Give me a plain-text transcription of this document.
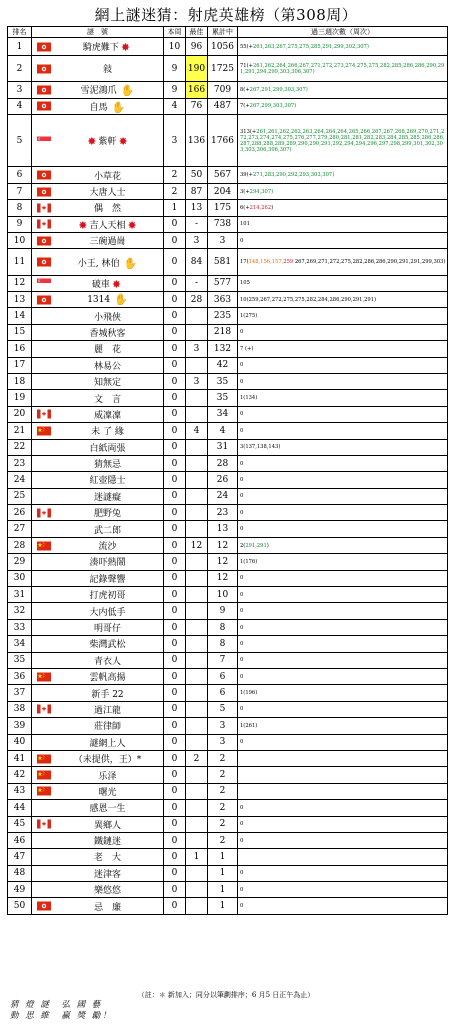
網上謎迷猜：射虎英雄榜（第308周）
排名	謎　號	本周	最佳	累計中	過三週次數（周次）
1	騎虎難下 ✸	10	96	1056	55(+261,263,267,275,275,285,291,299,302,307)
2	敍	9	190	1725	71(+261,262,264,266,267,271,272,273,274,275,275,282,285,286,286,290,291,291,294,299,303,306,307)
3	雪泥鴻爪 ✋	9	166	709	8(+267,291,299,303,307)
4	自馬 ✋	4	76	487	7(+267,299,303,307)
5	✸ 紫軒 ✸	3	136	1766	313(+261,261,262,262,263,264,264,264,265,266,267,267,268,269,270,271,272,273,274,274,275,276,277,279,280,281,281,282,283,284,285,285,286,286,287,288,288,289,289,290,290,291,292,294,294,296,297,298,299,301,302,303,303,306,306,307)
6	小草花	2	50	567	39(+271,283,290,292,293,303,307)
7	大唐人士	2	87	204	3(+294,307)
8	偶　然	1	13	175	6(+214,262)
9	✸ 吉人天相 ✸	0	-	738	101
10	三碗過崗	0	3	3	0
11	小王, 林伯 ✋	0	84	581	17(148,156,157,259 267,269,271,272,275,282,286,286,290,291,291,299,303)
12	破車 ✸	0	-	577	105
13	1314 ✋	0	28	363	10(259,267,272,275,275,282,284,286,290,291,291)
14	小飛俠	0		235	1(275)
15	香城秋客	0		218	0
16	麗　花	0	3	132	7 (+)
17	林易公	0		42	0
18	知無定	0	3	35	0
19	文　言	0		35	1(134)
20	威凜凜	0		34	0
21	未 了 緣	0	4	4	0
22	白紙両張	0		31	3(137,138,143)
23	猜無忌	0		28	0
24	紅壺隱士	0		26	0
25	迷謎癡	0		24	0
26	肥野兔	0		23	0
27	武二郎	0		13	0
28	流沙	0	12	12	2(291,291)
29	湊吓熱鬧	0		12	1(176)
30	記錄聲響	0		12	0
31	打虎初哥	0		10	0
32	大内低手	0		9	0
33	明哥仔	0		8	0
34	柴灣武松	0		8	0
35	青衣人	0		7	0
36	雲帆高揚	0		6	0
37	新手 22	0		6	1(196)
38	過江龍	0		5	0
39	莊律師	0		3	1(261)
40	謎網上人	0		3	0
41	（未提供，王）*	0	2	2	
42	乐泽	0		2	
43	曙光	0		2	
44	感恩一生	0		2	0
45	異鄉人	0		2	0
46	鐵鏈迷	0		2	0
47	老　大	0	1	1	
48	迷津客	0		1	0
49	樂悠悠	0		1	0
50	忌　廉	0		1	0
（註：＊ 新加入；同分以筆劃排序；6 月5 日正午為止）
猜 燈 謎　弘 國 藝
動 思 維　贏 獎 勵！
